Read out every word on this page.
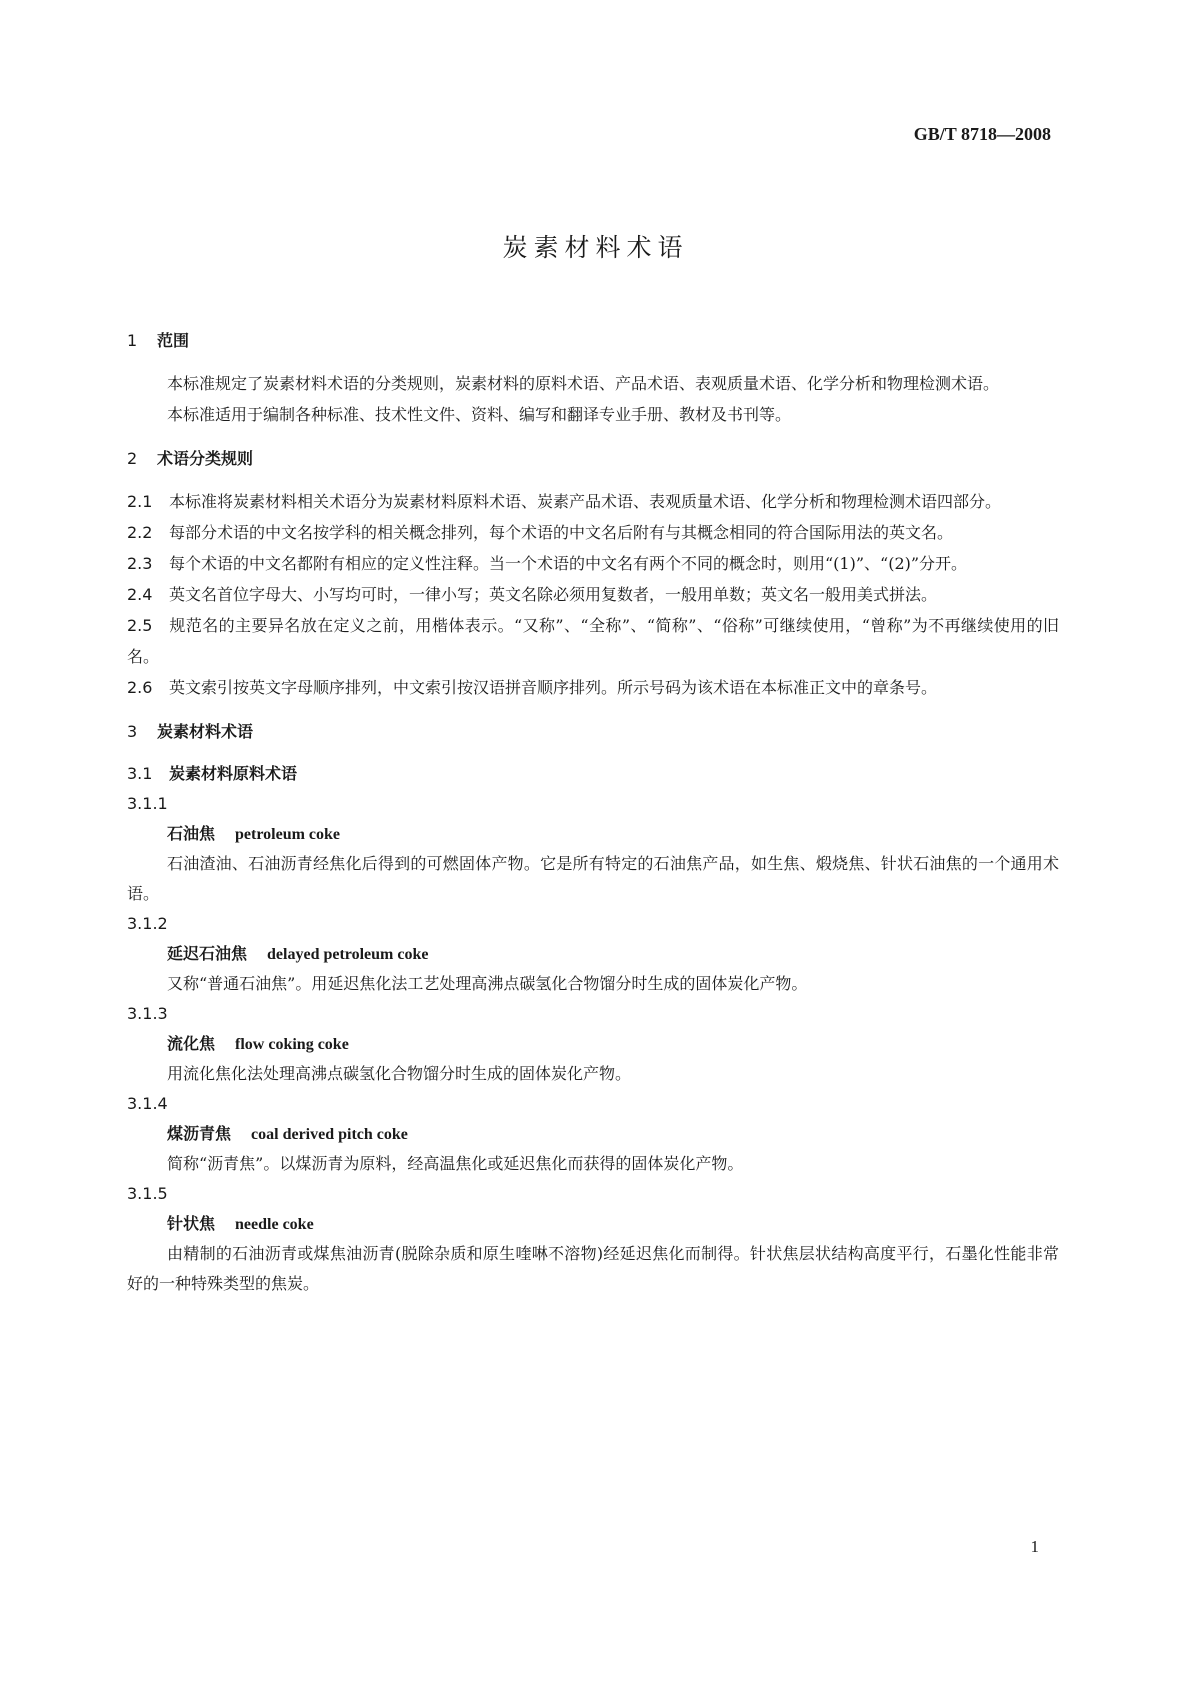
GB/T 8718—2008
炭素材料术语
1 范围

本标准规定了炭素材料术语的分类规则，炭素材料的原料术语、产品术语、表观质量术语、化学分析和物理检测术语。

本标准适用于编制各种标准、技术性文件、资料、编写和翻译专业手册、教材及书刊等。

2 术语分类规则

2.1 本标准将炭素材料相关术语分为炭素材料原料术语、炭素产品术语、表观质量术语、化学分析和物理检测术语四部分。

2.2 每部分术语的中文名按学科的相关概念排列，每个术语的中文名后附有与其概念相同的符合国际用法的英文名。

2.3 每个术语的中文名都附有相应的定义性注释。当一个术语的中文名有两个不同的概念时，则用“(1)”、“(2)”分开。

2.4 英文名首位字母大、小写均可时，一律小写；英文名除必须用复数者，一般用单数；英文名一般用美式拼法。

2.5 规范名的主要异名放在定义之前，用楷体表示。“又称”、“全称”、“简称”、“俗称”可继续使用，“曾称”为不再继续使用的旧名。

2.6 英文索引按英文字母顺序排列，中文索引按汉语拼音顺序排列。所示号码为该术语在本标准正文中的章条号。

3 炭素材料术语
3.1 炭素材料原料术语
3.1.1
石油焦 petroleum coke

石油渣油、石油沥青经焦化后得到的可燃固体产物。它是所有特定的石油焦产品，如生焦、煅烧焦、针状石油焦的一个通用术语。

3.1.2
延迟石油焦 delayed petroleum coke

又称“普通石油焦”。用延迟焦化法工艺处理高沸点碳氢化合物馏分时生成的固体炭化产物。

3.1.3
流化焦 flow coking coke

用流化焦化法处理高沸点碳氢化合物馏分时生成的固体炭化产物。

3.1.4
煤沥青焦 coal derived pitch coke

简称“沥青焦”。以煤沥青为原料，经高温焦化或延迟焦化而获得的固体炭化产物。

3.1.5
针状焦 needle coke

由精制的石油沥青或煤焦油沥青(脱除杂质和原生喹啉不溶物)经延迟焦化而制得。针状焦层状结构高度平行，石墨化性能非常好的一种特殊类型的焦炭。

1
